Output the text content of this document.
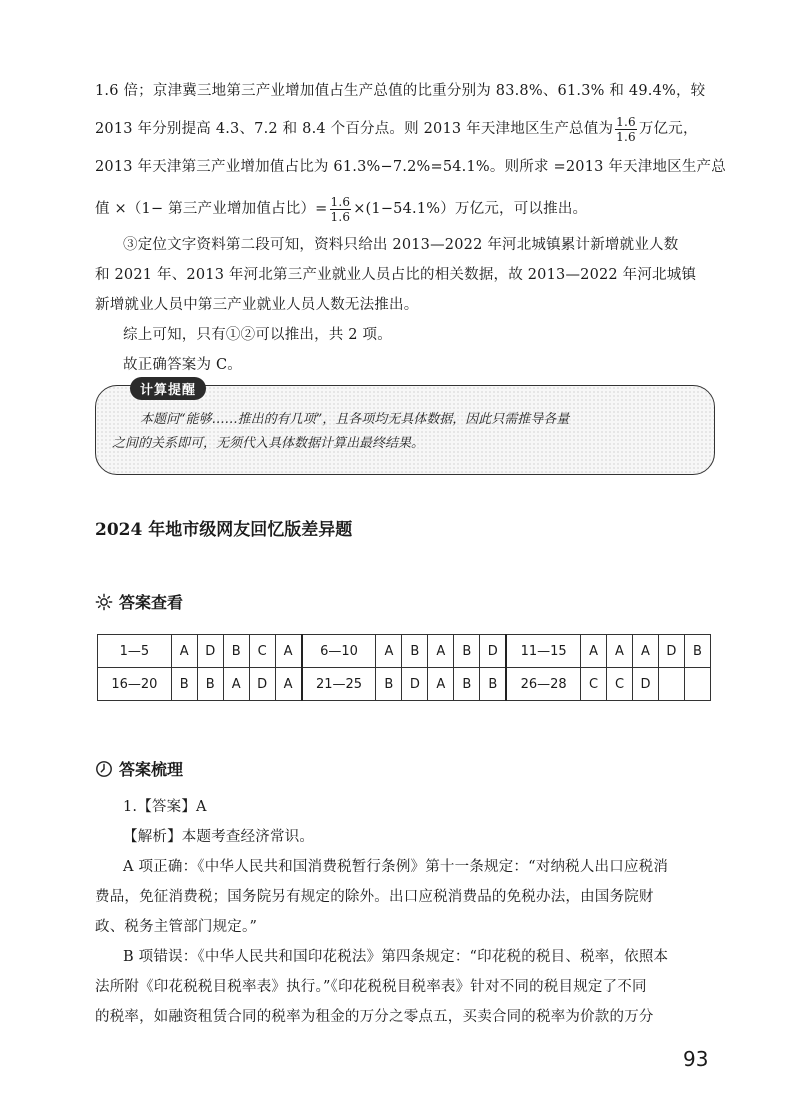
1.6 倍；京津冀三地第三产业增加值占生产总值的比重分别为 83.8%、61.3% 和 49.4%，较
2013 年分别提高 4.3、7.2 和 8.4 个百分点。则 2013 年天津地区生产总值为 $\frac{1.6}{1.6}$ 万亿元，
2013 年天津第三产业增加值占比为 61.3%−7.2%=54.1%。则所求 =2013 年天津地区生产总
值 ×（1− 第三产业增加值占比）= $\frac{1.6}{1.6} \times(1-54.1\%)$万亿元，可以推出。
③定位文字资料第二段可知，资料只给出 2013—2022 年河北城镇累计新增就业人数
和 2021 年、2013 年河北第三产业就业人员占比的相关数据，故 2013—2022 年河北城镇
新增就业人员中第三产业就业人员人数无法推出。
综上可知，只有①②可以推出，共 2 项。
故正确答案为 C。
计算提醒
本题问“能够……推出的有几项”，且各项均无具体数据，因此只需推导各量
之间的关系即可，无须代入具体数据计算出最终结果。
2024 年地市级网友回忆版差异题
答案查看
1—5	A	D	B	C	A	6—10	A	B	A	B	D	11—15	A	A	A	D	B
16—20	B	B	A	D	A	21—25	B	D	A	B	B	26—28	C	C	D		
答案梳理
1.【答案】A
【解析】本题考查经济常识。
A 项正确：《中华人民共和国消费税暂行条例》第十一条规定：“对纳税人出口应税消
费品，免征消费税；国务院另有规定的除外。出口应税消费品的免税办法，由国务院财
政、税务主管部门规定。”
B 项错误：《中华人民共和国印花税法》第四条规定：“印花税的税目、税率，依照本
法所附《印花税税目税率表》执行。”《印花税税目税率表》针对不同的税目规定了不同
的税率，如融资租赁合同的税率为租金的万分之零点五，买卖合同的税率为价款的万分
93
